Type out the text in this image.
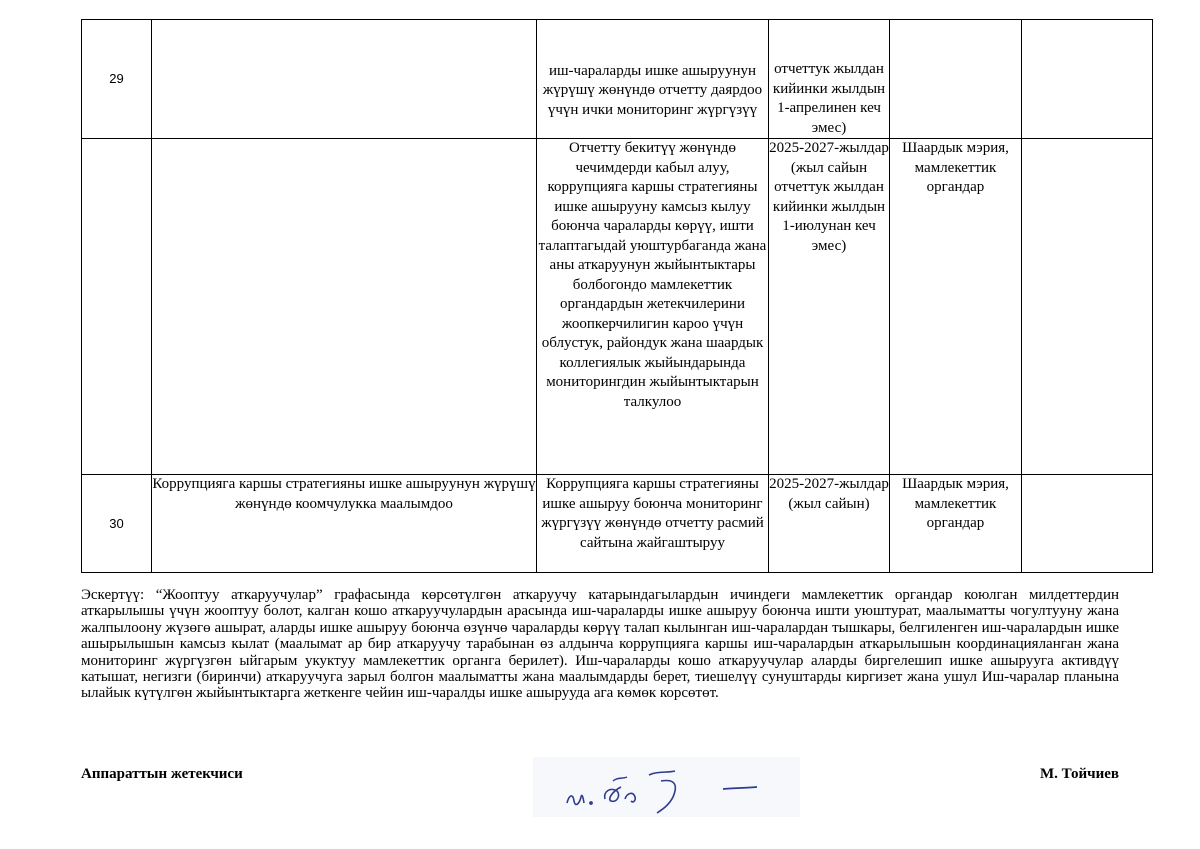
29		иш-чараларды ишке ашыруунун жүрүшү жөнүндө отчетту даярдоо үчүн ички мониторинг жүргүзүү	отчеттук жылдан кийинки жылдын 1-апрелинен кеч эмес)		
		Отчетту бекитүү жөнүндө чечимдерди кабыл алуу, коррупцияга каршы стратегияны ишке ашырууну камсыз кылуу боюнча чараларды көрүү, ишти талаптагыдай уюштурбаганда жана аны аткаруунун жыйынтыктары болбогондо мамлекеттик органдардын жетекчилерини жоопкерчилигин кароо үчүн облустук, райондук жана шаардык коллегиялык жыйындарында мониторингдин жыйынтыктарын талкулоо	2025-2027-жылдар (жыл сайын отчеттук жылдан кийинки жылдын 1-июлунан кеч эмес)	Шаардык мэрия, мамлекеттик органдар	
30	Коррупцияга каршы стратегияны ишке ашыруунун жүрүшү жөнүндө коомчулукка маалымдоо	Коррупцияга каршы стратегияны ишке ашыруу боюнча мониторинг жүргүзүү жөнүндө отчетту расмий сайтына жайгаштыруу	2025-2027-жылдар (жыл сайын)	Шаардык мэрия, мамлекеттик органдар	
Эскертүү: “Жооптуу аткаруучулар” графасында көрсөтүлгөн аткаруучу катарындагылардын ичиндеги мамлекеттик органдар коюлган милдеттердин аткарылышы үчүн жооптуу болот, калган кошо аткаруучулардын арасында иш-чараларды ишке ашыруу боюнча ишти уюштурат, маалыматты чогултууну жана жалпылоону жүзөгө ашырат, аларды ишке ашыруу боюнча өзүнчө чараларды көрүү талап кылынган иш-чаралардан тышкары, белгиленген иш-чаралардын ишке ашырылышын камсыз кылат (маалымат ар бир аткаруучу тарабынан өз алдынча коррупцияга каршы иш-чаралардын аткарылышын координацияланган жана мониторинг жүргүзгөн ыйгарым укуктуу мамлекеттик органга берилет). Иш-чараларды кошо аткаруучулар аларды биргелешип ишке ашырууга активдүү катышат, негизги (биринчи) аткаруучуга зарыл болгон маалыматты жана маалымдарды берет, тиешелүү сунуштарды киргизет жана ушул Иш-чаралар планына ылайык күтүлгөн жыйынтыктарга жеткенге чейин иш-чаралды ишке ашырууда ага көмөк корсөтөт.
Аппараттын жетекчиси	М. Тойчиев
